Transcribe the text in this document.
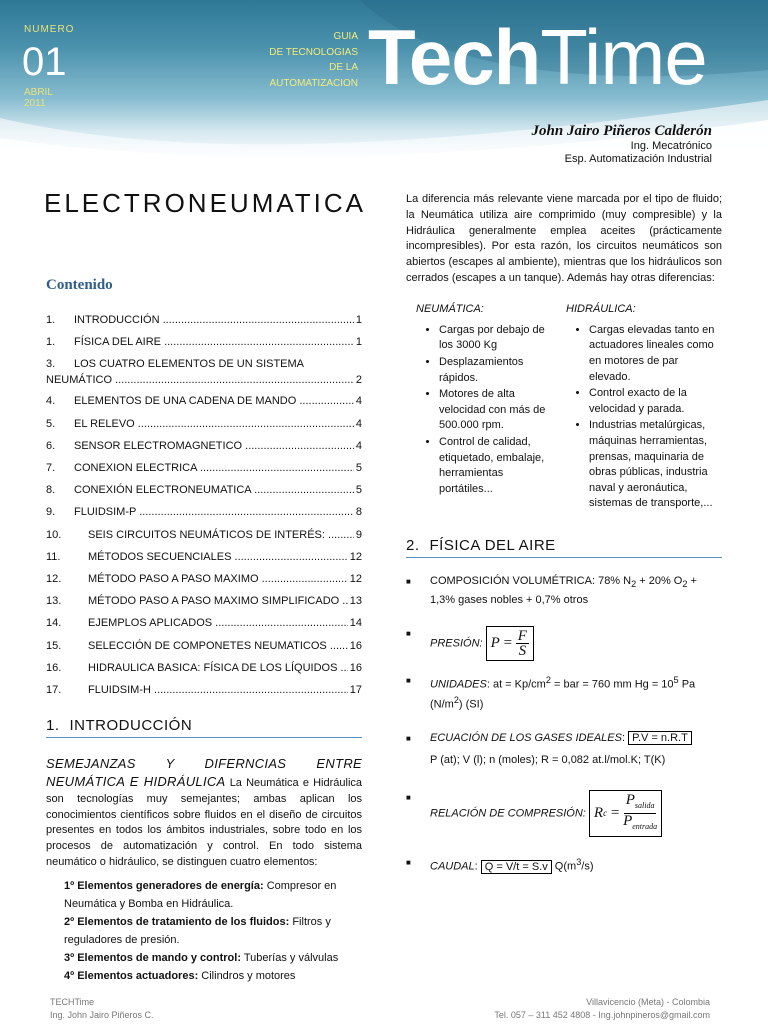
NUMERO
01
ABRIL
2011
GUIA
DE TECNOLOGIAS
DE LA
AUTOMATIZACION TechTime
John Jairo Piñeros Calderón
Ing. Mecatrónico
Esp. Automatización Industrial
ELECTRONEUMATICA
Contenido
1.	INTRODUCCIÓN .....	1
1.	FÍSICA DEL AIRE .....	1
3. LOS CUATRO ELEMENTOS DE UN SISTEMA
NEUMÁTICO .....	2
4.	ELEMENTOS DE UNA CADENA DE MANDO .....	4
5.	EL RELEVO .....	4
6.	SENSOR ELECTROMAGNETICO .....	4
7.	CONEXION ELECTRICA .....	5
8.	CONEXIÓN ELECTRONEUMATICA .....	5
9.	FLUIDSIM-P .....	8
10.	SEIS CIRCUITOS NEUMÁTICOS DE INTERÉS: .....	9
11.	MÉTODOS SECUENCIALES .....	12
12.	MÉTODO PASO A PASO MAXIMO .....	12
13.	MÉTODO PASO A PASO MAXIMO SIMPLIFICADO ..... 13
14.	EJEMPLOS APLICADOS .....	14
15.	SELECCIÓN DE COMPONETES NEUMATICOS .....	16
16.	HIDRAULICA BASICA: FÍSICA DE LOS LÍQUIDOS .....	16
17.	FLUIDSIM-H .....	17
1. INTRODUCCIÓN

SEMEJANZAS Y DIFERNCIAS ENTRE NEUMÁTICA E HIDRÁULICA La Neumática e Hidráulica son tecnologías muy semejantes; ambas aplican los conocimientos científicos sobre fluidos en el diseño de circuitos presentes en todos los ámbitos industriales, sobre todo en los procesos de automatización y control. En todo sistema neumático o hidráulico, se distinguen cuatro elementos:

1º Elementos generadores de energía: Compresor en Neumática y Bomba en Hidráulica.
2º Elementos de tratamiento de los fluidos: Filtros y reguladores de presión.
3º Elementos de mando y control: Tuberías y válvulas
4º Elementos actuadores: Cilindros y motores

La diferencia más relevante viene marcada por el tipo de fluido; la Neumática utiliza aire comprimido (muy compresible) y la Hidráulica generalmente emplea aceites (prácticamente incompresibles). Por esta razón, los circuitos neumáticos son abiertos (escapes al ambiente), mientras que los hidráulicos son cerrados (escapes a un tanque). Además hay otras diferencias:

NEUMÁTICA:
• Cargas por debajo de los 3000 Kg
• Desplazamientos rápidos.
• Motores de alta velocidad con más de 500.000 rpm.
• Control de calidad, etiquetado, embalaje, herramientas portátiles...
HIDRÁULICA:
• Cargas elevadas tanto en actuadores lineales como en motores de par elevado.
• Control exacto de la velocidad y parada.
• Industrias metalúrgicas, máquinas herramientas, prensas, maquinaria de obras públicas, industria naval y aeronáutica, sistemas de transporte,...
2. FÍSICA DEL AIRE
■ COMPOSICIÓN VOLUMÉTRICA: 78% $N_2 + 20\%$ $O_2 + 1,3\%$ gases nobles + 0,7% otros
■ PRESIÓN: P
=
$\frac{F}{S}$
■ UNIDADES: at = $Kp/cm^2$ = bar = 760 mm $Hg = 10^5$ Pa $(N/m^2)$ (SI)
■ ECUACIÓN DE LOS GASES IDEALES: P.V = n.R.T
P (at); V (l); n (moles); R = 0,082 at.l/mol.K; T(K)
■ RELACIÓN DE COMPRESIÓN: R c
=
$\frac{P_{salida}}{P_{entrada}}$
■ CAUDAL: Q = V/t = S.v $Q(m^3/s)$
TECHTime
Ing. John Jairo Piñeros C.
Villavicencio (Meta) - Colombia
Tel. 057 – 311 452 4808 - Ing.johnpineros@gmail.com
